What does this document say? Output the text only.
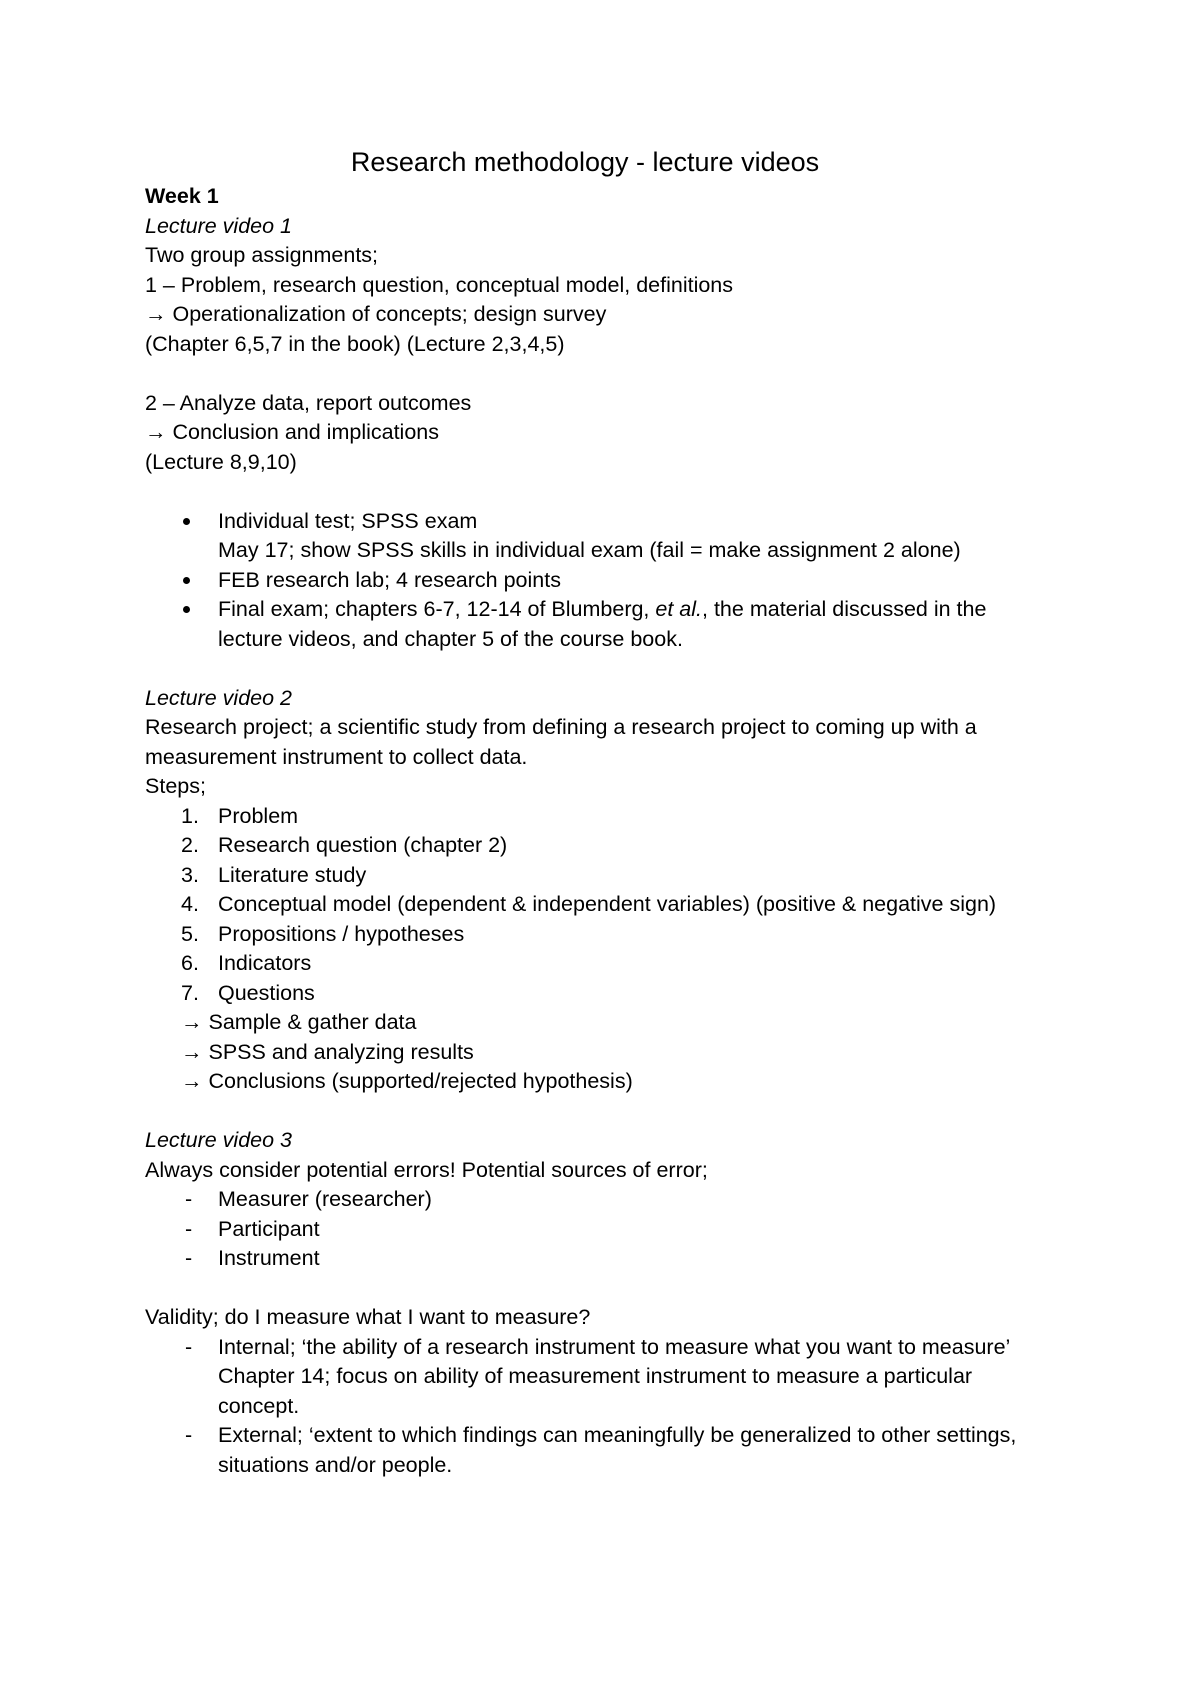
Research methodology - lecture videos

Week 1

Lecture video 1

Two group assignments;

1 – Problem, research question, conceptual model, definitions

→ Operationalization of concepts; design survey

(Chapter 6,5,7 in the book) (Lecture 2,3,4,5)

2 – Analyze data, report outcomes

→ Conclusion and implications

(Lecture 8,9,10)

Individual test; SPSS exam
May 17; show SPSS skills in individual exam (fail = make assignment 2 alone)
FEB research lab; 4 research points
Final exam; chapters 6-7, 12-14 of Blumberg, et al., the material discussed in the
lecture videos, and chapter 5 of the course book.

Lecture video 2

Research project; a scientific study from defining a research project to coming up with a

measurement instrument to collect data.

Steps;

1. Problem
2. Research question (chapter 2)
3. Literature study
4. Conceptual model (dependent & independent variables) (positive & negative sign)
5. Propositions / hypotheses
6. Indicators
7. Questions

→ Sample & gather data

→ SPSS and analyzing results

→ Conclusions (supported/rejected hypothesis)

Lecture video 3

Always consider potential errors! Potential sources of error;

- Measurer (researcher)
- Participant
- Instrument

Validity; do I measure what I want to measure?

- Internal; ‘the ability of a research instrument to measure what you want to measure’
Chapter 14; focus on ability of measurement instrument to measure a particular
concept.
- External; ‘extent to which findings can meaningfully be generalized to other settings,
situations and/or people.
